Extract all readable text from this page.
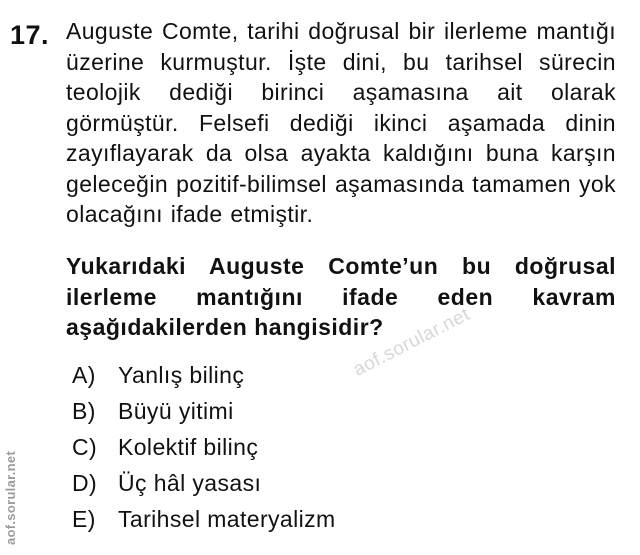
17. Auguste Comte, tarihi doğrusal bir ilerleme mantığı üzerine kurmuştur. İşte dini, bu tarihsel sürecin teolojik dediği birinci aşamasına ait olarak görmüştür. Felsefi dediği ikinci aşamada dinin zayıflayarak da olsa ayakta kaldığını buna karşın geleceğin pozitif-bilimsel aşamasında tamamen yok olacağını ifade etmiştir.
Yukarıdaki Auguste Comte’un bu doğrusal ilerleme mantığını ifade eden kavram aşağıdakilerden hangisidir?
A) Yanlış bilinç
B) Büyü yitimi
C) Kolektif bilinç
D) Üç hâl yasası
E) Tarihsel materyalizm
aof.sorular.net
aof.sorular.net
